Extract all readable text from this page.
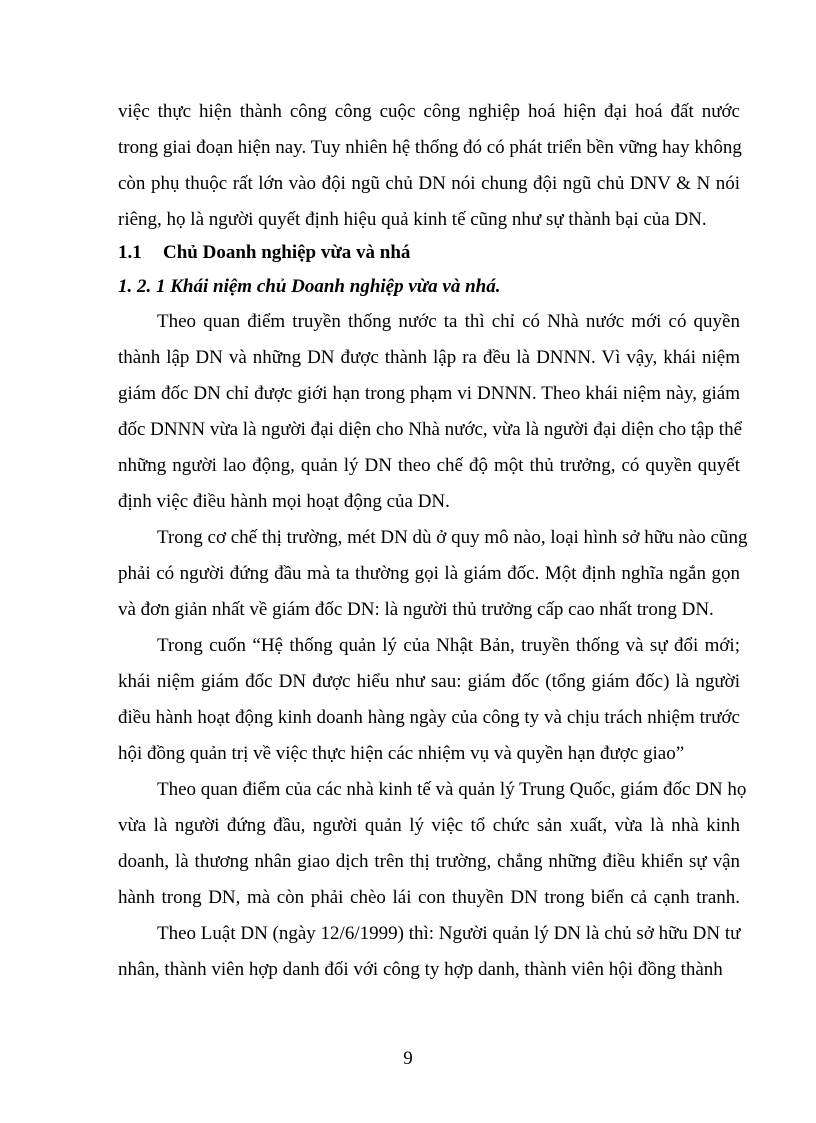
việc thực hiện thành công công cuộc công nghiệp hoá hiện đại hoá đất nước
trong giai đoạn hiện nay. Tuy nhiên hệ thống đó có phát triển bền vững hay không
còn phụ thuộc rất lớn vào đội ngũ chủ DN nói chung đội ngũ chủ DNV & N nói
riêng, họ là người quyết định hiệu quả kinh tế cũng như sự thành bại của DN.
1.1 Chủ Doanh nghiệp vừa và nhá
1. 2. 1 Khái niệm chủ Doanh nghiệp vừa và nhá.
Theo quan điểm truyền thống nước ta thì chỉ có Nhà nước mới có quyền
thành lập DN và những DN được thành lập ra đều là DNNN. Vì vậy, khái niệm
giám đốc DN chỉ được giới hạn trong phạm vi DNNN. Theo khái niệm này, giám
đốc DNNN vừa là người đại diện cho Nhà nước, vừa là người đại diện cho tập thể
những người lao động, quản lý DN theo chế độ một thủ trưởng, có quyền quyết
định việc điều hành mọi hoạt động của DN.
Trong cơ chế thị trường, mét DN dù ở quy mô nào, loại hình sở hữu nào cũng
phải có người đứng đầu mà ta thường gọi là giám đốc. Một định nghĩa ngắn gọn
và đơn giản nhất về giám đốc DN: là người thủ trưởng cấp cao nhất trong DN.
Trong cuốn “Hệ thống quản lý của Nhật Bản, truyền thống và sự đổi mới;
khái niệm giám đốc DN được hiểu như sau: giám đốc (tổng giám đốc) là người
điều hành hoạt động kinh doanh hàng ngày của công ty và chịu trách nhiệm trước
hội đồng quản trị về việc thực hiện các nhiệm vụ và quyền hạn được giao”
Theo quan điểm của các nhà kinh tế và quản lý Trung Quốc, giám đốc DN họ
vừa là người đứng đầu, người quản lý việc tổ chức sản xuất, vừa là nhà kinh
doanh, là thương nhân giao dịch trên thị trường, chẳng những điều khiển sự vận
hành trong DN, mà còn phải chèo lái con thuyền DN trong biển cả cạnh tranh.
Theo Luật DN (ngày 12/6/1999) thì: Người quản lý DN là chủ sở hữu DN tư
nhân, thành viên hợp danh đối với công ty hợp danh, thành viên hội đồng thành
9
